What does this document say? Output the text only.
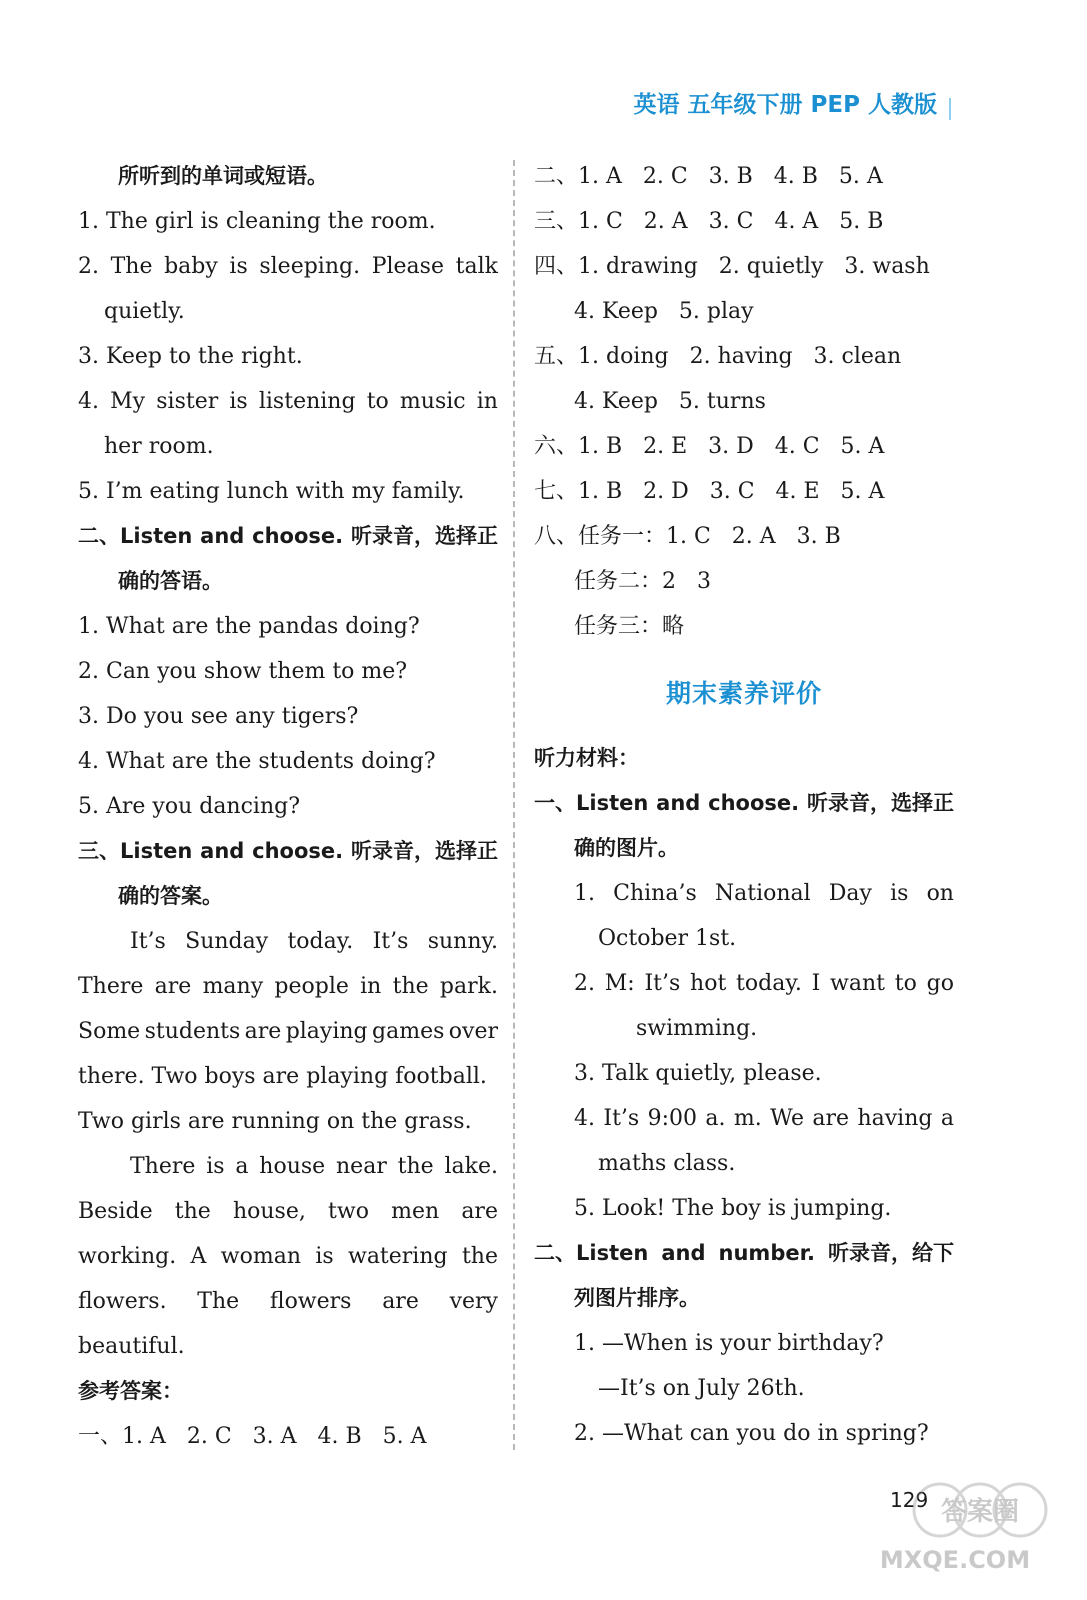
英语 五年级下册 PEP 人教版
所听到的单词或短语。
1. The girl is cleaning the room.
2. The baby is sleeping. Please talk
quietly.
3. Keep to the right.
4. My sister is listening to music in
her room.
5. I’m eating lunch with my family.
二、Listen and choose. 听录音，选择正
确的答语。
1. What are the pandas doing?
2. Can you show them to me?
3. Do you see any tigers?
4. What are the students doing?
5. Are you dancing?
三、Listen and choose. 听录音，选择正
确的答案。
It’s Sunday today. It’s sunny.
There are many people in the park.
Some students are playing games over
there. Two boys are playing football.
Two girls are running on the grass.
There is a house near the lake.
Beside the house, two men are
working. A woman is watering the
flowers. The flowers are very
beautiful.
参考答案：
一、1. A   2. C   3. A   4. B   5. A
二、1. A   2. C   3. B   4. B   5. A
三、1. C   2. A   3. C   4. A   5. B
四、1. drawing   2. quietly   3. wash
4. Keep   5. play
五、1. doing   2. having   3. clean
4. Keep   5. turns
六、1. B   2. E   3. D   4. C   5. A
七、1. B   2. D   3. C   4. E   5. A
八、任务一：1. C   2. A   3. B
任务二：2   3
任务三：略
期末素养评价
听力材料：
一、Listen and choose. 听录音，选择正
确的图片。
1. China’s National Day is on
October 1st.
2. M: It’s hot today. I want to go
swimming.
3. Talk quietly, please.
4. It’s 9:00 a. m. We are having a
maths class.
5. Look! The boy is jumping.
二、Listen and number. 听录音，给下
列图片排序。
1. —When is your birthday?
—It’s on July 26th.
2. —What can you do in spring?
129 答案圈
MXQE.COM
